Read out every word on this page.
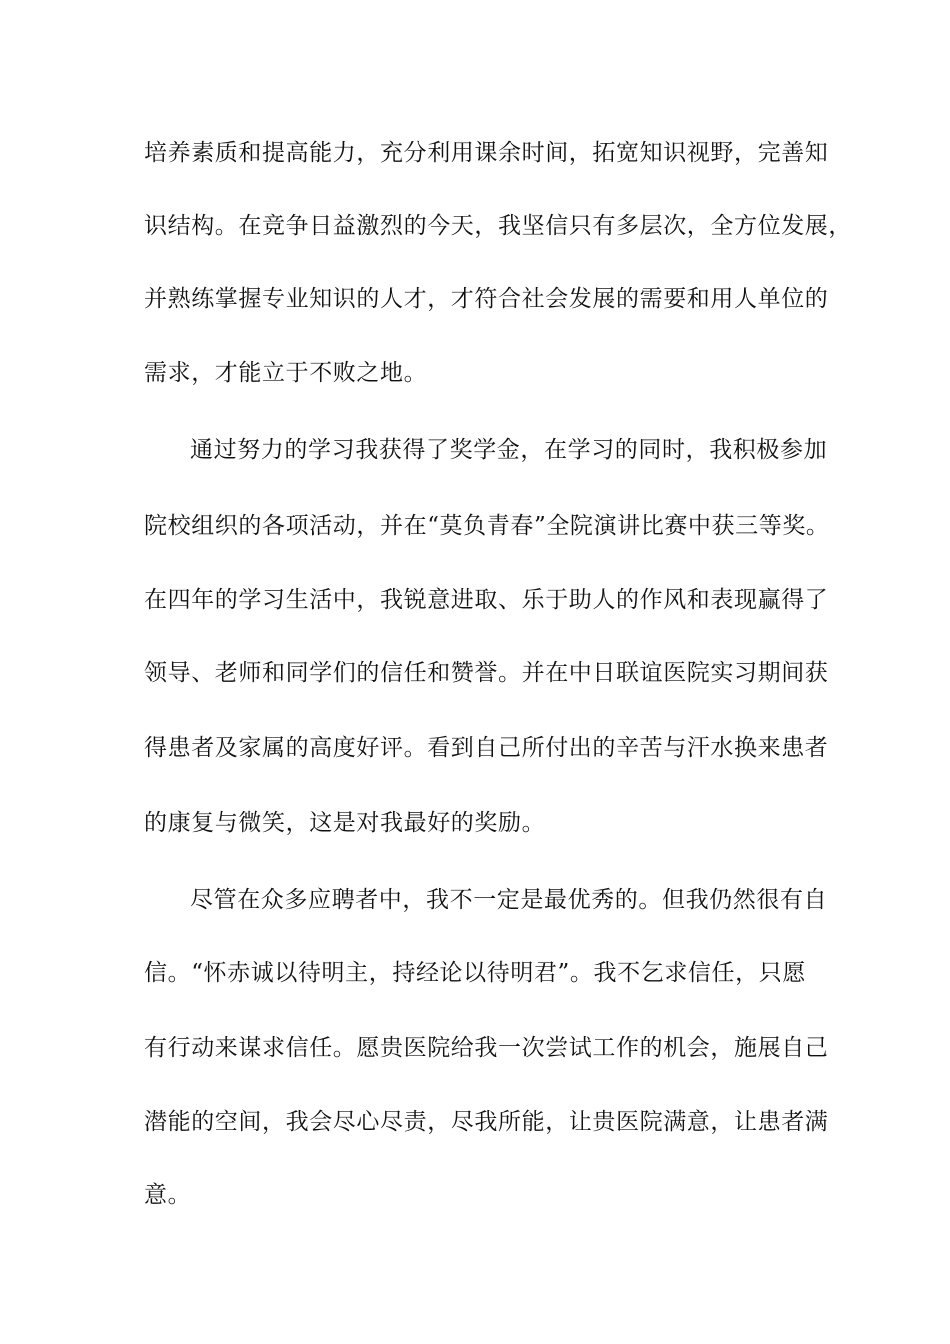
培养素质和提高能力，充分利用课余时间，拓宽知识视野，完善知
识结构。在竞争日益激烈的今天，我坚信只有多层次，全方位发展，
并熟练掌握专业知识的人才，才符合社会发展的需要和用人单位的
需求，才能立于不败之地。
通过努力的学习我获得了奖学金，在学习的同时，我积极参加
院校组织的各项活动，并在“莫负青春”全院演讲比赛中获三等奖。
在四年的学习生活中，我锐意进取、乐于助人的作风和表现赢得了
领导、老师和同学们的信任和赞誉。并在中日联谊医院实习期间获
得患者及家属的高度好评。看到自己所付出的辛苦与汗水换来患者
的康复与微笑，这是对我最好的奖励。
尽管在众多应聘者中，我不一定是最优秀的。但我仍然很有自
信。“怀赤诚以待明主，持经论以待明君”。我不乞求信任，只愿
有行动来谋求信任。愿贵医院给我一次尝试工作的机会，施展自己
潜能的空间，我会尽心尽责，尽我所能，让贵医院满意，让患者满
意。
